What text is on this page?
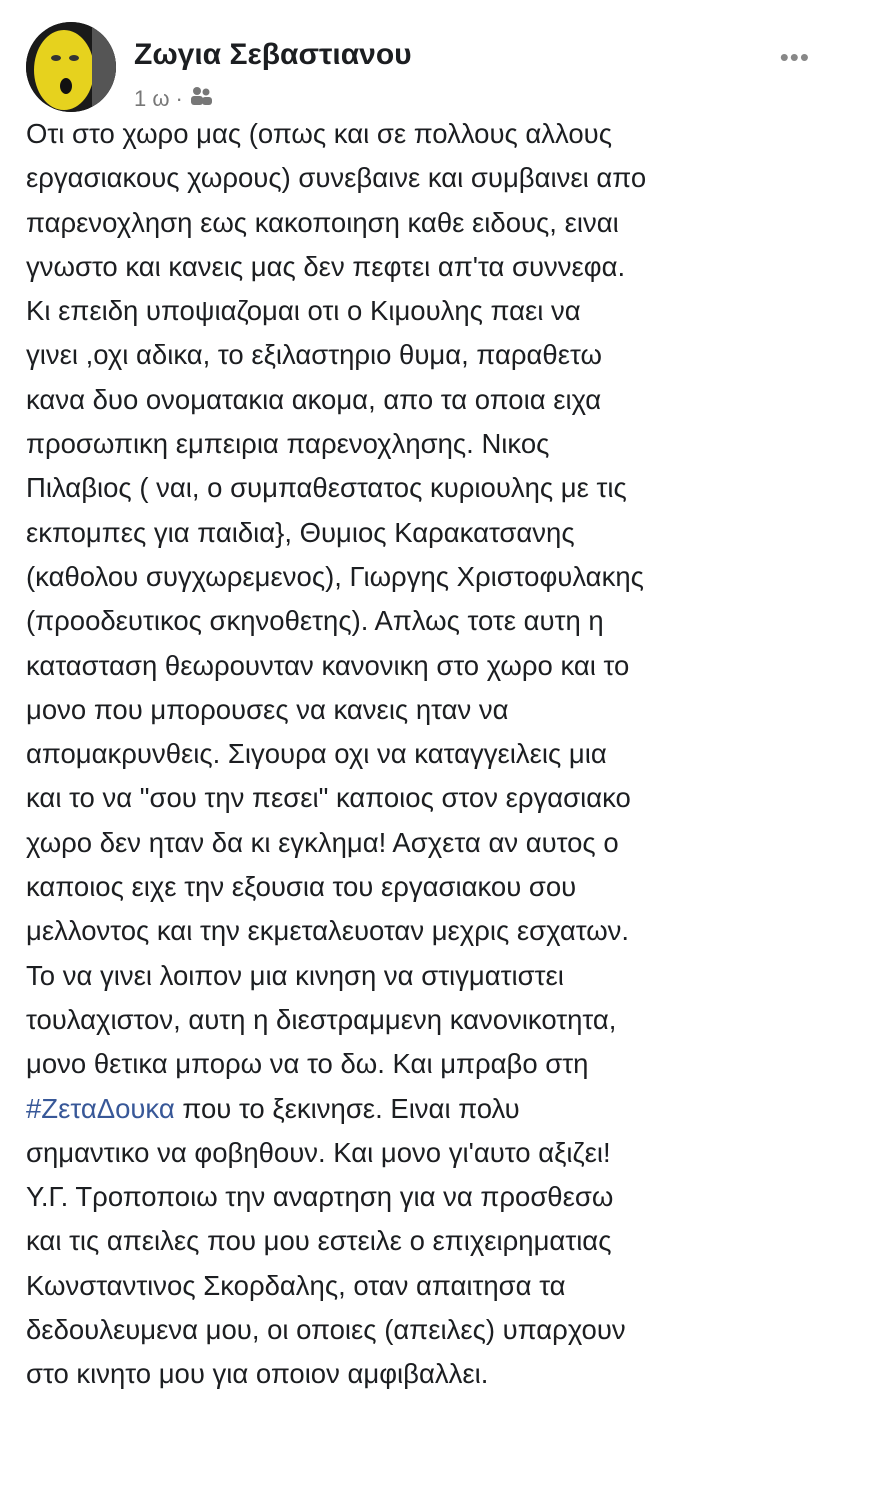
Ζωγια Σεβαστιανου
1 ω ·
•••
Οτι στο χωρο μας (οπως και σε πολλους αλλους
εργασιακους χωρους) συνεβαινε και συμβαινει απο
παρενοχληση εως κακοποιηση καθε ειδους, ειναι
γνωστο και κανεις μας δεν πεφτει απ'τα συννεφα.
Κι επειδη υποψιαζομαι οτι ο Κιμουλης παει να
γινει ,οχι αδικα, το εξιλαστηριο θυμα, παραθετω
κανα δυο ονοματακια ακομα, απο τα οποια ειχα
προσωπικη εμπειρια παρενοχλησης. Νικος
Πιλαβιος ( ναι, ο συμπαθεστατος κυριουλης με τις
εκπομπες για παιδια}, Θυμιος Καρακατσανης
(καθολου συγχωρεμενος), Γιωργης Χριστοφυλακης
(προοδευτικος σκηνοθετης). Απλως τοτε αυτη η
κατασταση θεωρουνταν κανονικη στο χωρο και το
μονο που μπορουσες να κανεις ηταν να
απομακρυνθεις. Σιγουρα οχι να καταγγειλεις μια
και το να "σου την πεσει" καποιος στον εργασιακο
χωρο δεν ηταν δα κι εγκλημα! Ασχετα αν αυτος ο
καποιος ειχε την εξουσια του εργασιακου σου
μελλοντος και την εκμεταλευοταν μεχρις εσχατων.
Το να γινει λοιπον μια κινηση να στιγματιστει
τουλαχιστον, αυτη η διεστραμμενη κανονικοτητα,
μονο θετικα μπορω να το δω. Και μπραβο στη
#ΖεταΔουκα που το ξεκινησε. Ειναι πολυ
σημαντικο να φοβηθουν. Και μονο γι'αυτο αξιζει!
Υ.Γ. Τροποποιω την αναρτηση για να προσθεσω
και τις απειλες που μου εστειλε ο επιχειρηματιας
Κωνσταντινος Σκορδαλης, οταν απαιτησα τα
δεδουλευμενα μου, οι οποιες (απειλες) υπαρχουν
στο κινητο μου για οποιον αμφιβαλλει.
